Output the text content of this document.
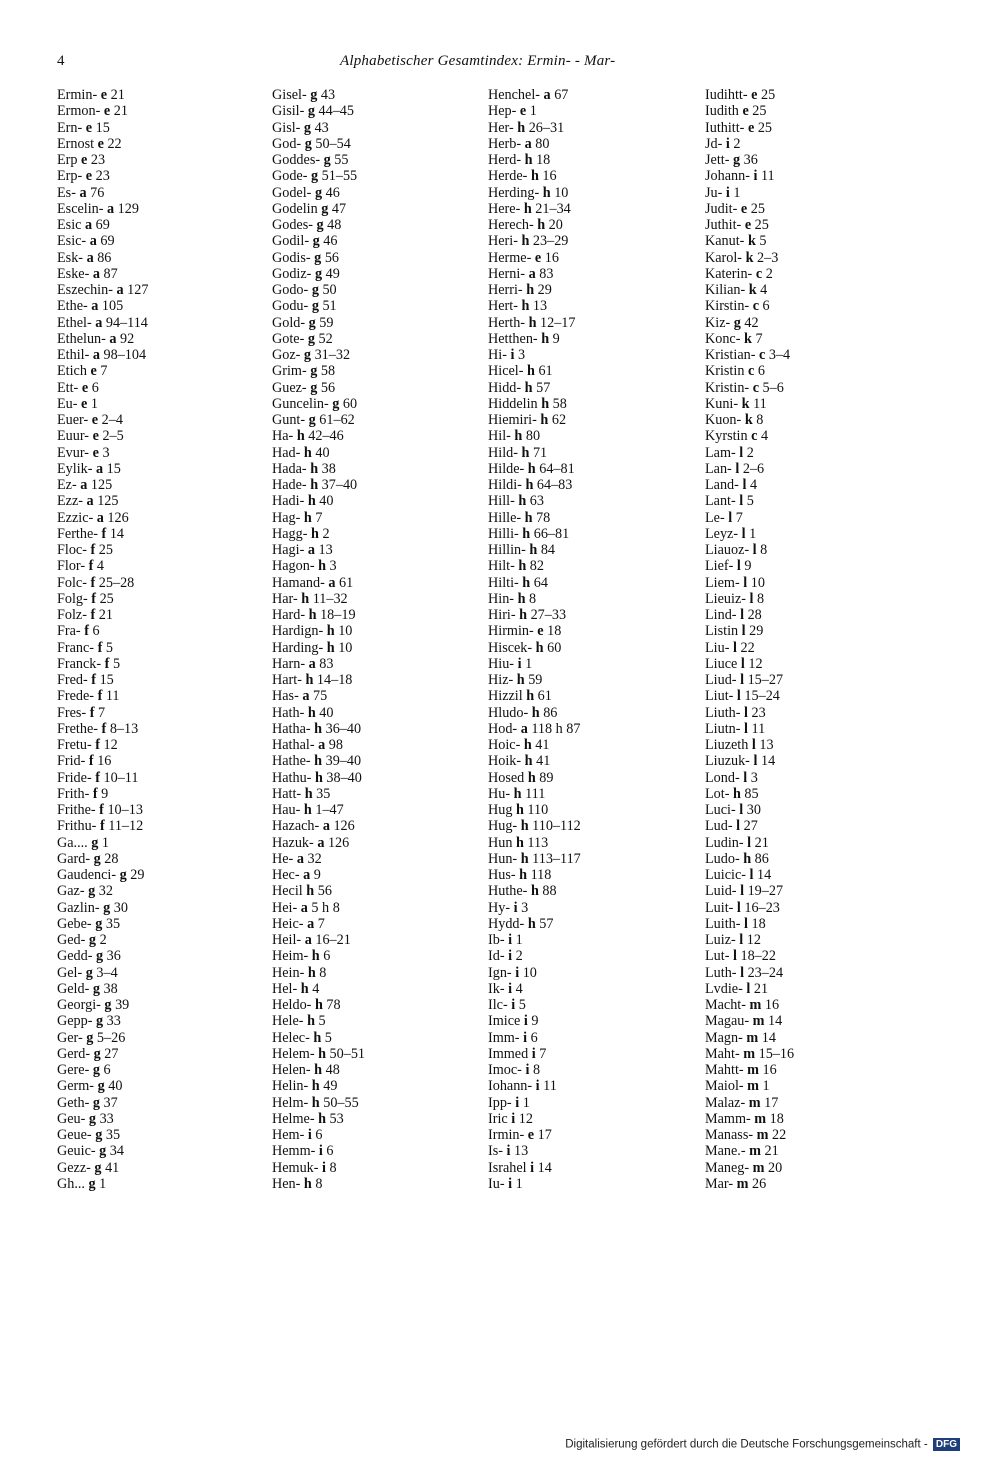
4	Alphabetischer Gesamtindex: Ermin- - Mar-
Ermin- e 21
Ermon- e 21
Ern- e 15
Ernost e 22
Erp e 23
Erp- e 23
Es- a 76
Escelin- a 129
Esic a 69
Esic- a 69
Esk- a 86
Eske- a 87
Eszechin- a 127
Ethe- a 105
Ethel- a 94–114
Ethelun- a 92
Ethil- a 98–104
Etich e 7
Ett- e 6
Eu- e 1
Euer- e 2–4
Euur- e 2–5
Evur- e 3
Eylik- a 15
Ez- a 125
Ezz- a 125
Ezzic- a 126
Ferthe- f 14
Floc- f 25
Flor- f 4
Folc- f 25–28
Folg- f 25
Folz- f 21
Fra- f 6
Franc- f 5
Franck- f 5
Fred- f 15
Frede- f 11
Fres- f 7
Frethe- f 8–13
Fretu- f 12
Frid- f 16
Fride- f 10–11
Frith- f 9
Frithe- f 10–13
Frithu- f 11–12
Ga.... g 1
Gard- g 28
Gaudenci- g 29
Gaz- g 32
Gazlin- g 30
Gebe- g 35
Ged- g 2
Gedd- g 36
Gel- g 3–4
Geld- g 38
Georgi- g 39
Gepp- g 33
Ger- g 5–26
Gerd- g 27
Gere- g 6
Germ- g 40
Geth- g 37
Geu- g 33
Geue- g 35
Geuic- g 34
Gezz- g 41
Gh... g 1
Gisel- g 43
Gisil- g 44–45
Gisl- g 43
God- g 50–54
Goddes- g 55
Gode- g 51–55
Godel- g 46
Godelin g 47
Godes- g 48
Godil- g 46
Godis- g 56
Godiz- g 49
Godo- g 50
Godu- g 51
Gold- g 59
Gote- g 52
Goz- g 31–32
Grim- g 58
Guez- g 56
Guncelin- g 60
Gunt- g 61–62
Ha- h 42–46
Had- h 40
Hada- h 38
Hade- h 37–40
Hadi- h 40
Hag- h 7
Hagg- h 2
Hagi- a 13
Hagon- h 3
Hamand- a 61
Har- h 11–32
Hard- h 18–19
Hardign- h 10
Harding- h 10
Harn- a 83
Hart- h 14–18
Has- a 75
Hath- h 40
Hatha- h 36–40
Hathal- a 98
Hathe- h 39–40
Hathu- h 38–40
Hatt- h 35
Hau- h 1–47
Hazach- a 126
Hazuk- a 126
He- a 32
Hec- a 9
Hecil h 56
Hei- a 5 h 8
Heic- a 7
Heil- a 16–21
Heim- h 6
Hein- h 8
Hel- h 4
Heldo- h 78
Hele- h 5
Helec- h 5
Helem- h 50–51
Helen- h 48
Helin- h 49
Helm- h 50–55
Helme- h 53
Hem- i 6
Hemm- i 6
Hemuk- i 8
Hen- h 8
Henchel- a 67
Hep- e 1
Her- h 26–31
Herb- a 80
Herd- h 18
Herde- h 16
Herding- h 10
Here- h 21–34
Herech- h 20
Heri- h 23–29
Herme- e 16
Herni- a 83
Herri- h 29
Hert- h 13
Herth- h 12–17
Hetthen- h 9
Hi- i 3
Hicel- h 61
Hidd- h 57
Hiddelin h 58
Hiemiri- h 62
Hil- h 80
Hild- h 71
Hilde- h 64–81
Hildi- h 64–83
Hill- h 63
Hille- h 78
Hilli- h 66–81
Hillin- h 84
Hilt- h 82
Hilti- h 64
Hin- h 8
Hiri- h 27–33
Hirmin- e 18
Hiscek- h 60
Hiu- i 1
Hiz- h 59
Hizzil h 61
Hludo- h 86
Hod- a 118 h 87
Hoic- h 41
Hoik- h 41
Hosed h 89
Hu- h 111
Hug h 110
Hug- h 110–112
Hun h 113
Hun- h 113–117
Hus- h 118
Huthe- h 88
Hy- i 3
Hydd- h 57
Ib- i 1
Id- i 2
Ign- i 10
Ik- i 4
Ilc- i 5
Imice i 9
Imm- i 6
Immed i 7
Imoc- i 8
Iohann- i 11
Ipp- i 1
Iric i 12
Irmin- e 17
Is- i 13
Israhel i 14
Iu- i 1
Iudihtt- e 25
Iudith e 25
Iuthitt- e 25
Jd- i 2
Jett- g 36
Johann- i 11
Ju- i 1
Judit- e 25
Juthit- e 25
Kanut- k 5
Karol- k 2–3
Katerin- c 2
Kilian- k 4
Kirstin- c 6
Kiz- g 42
Konc- k 7
Kristian- c 3–4
Kristin c 6
Kristin- c 5–6
Kuni- k 11
Kuon- k 8
Kyrstin c 4
Lam- l 2
Lan- l 2–6
Land- l 4
Lant- l 5
Le- l 7
Leyz- l 1
Liauoz- l 8
Lief- l 9
Liem- l 10
Lieuiz- l 8
Lind- l 28
Listin l 29
Liu- l 22
Liuce l 12
Liud- l 15–27
Liut- l 15–24
Liuth- l 23
Liutn- l 11
Liuzeth l 13
Liuzuk- l 14
Lond- l 3
Lot- h 85
Luci- l 30
Lud- l 27
Ludin- l 21
Ludo- h 86
Luicic- l 14
Luid- l 19–27
Luit- l 16–23
Luith- l 18
Luiz- l 12
Lut- l 18–22
Luth- l 23–24
Lvdie- l 21
Macht- m 16
Magau- m 14
Magn- m 14
Maht- m 15–16
Mahtt- m 16
Maiol- m 1
Malaz- m 17
Mamm- m 18
Manass- m 22
Mane.- m 21
Maneg- m 20
Mar- m 26
Digitalisierung gefördert durch die Deutsche Forschungsgemeinschaft - DFG
